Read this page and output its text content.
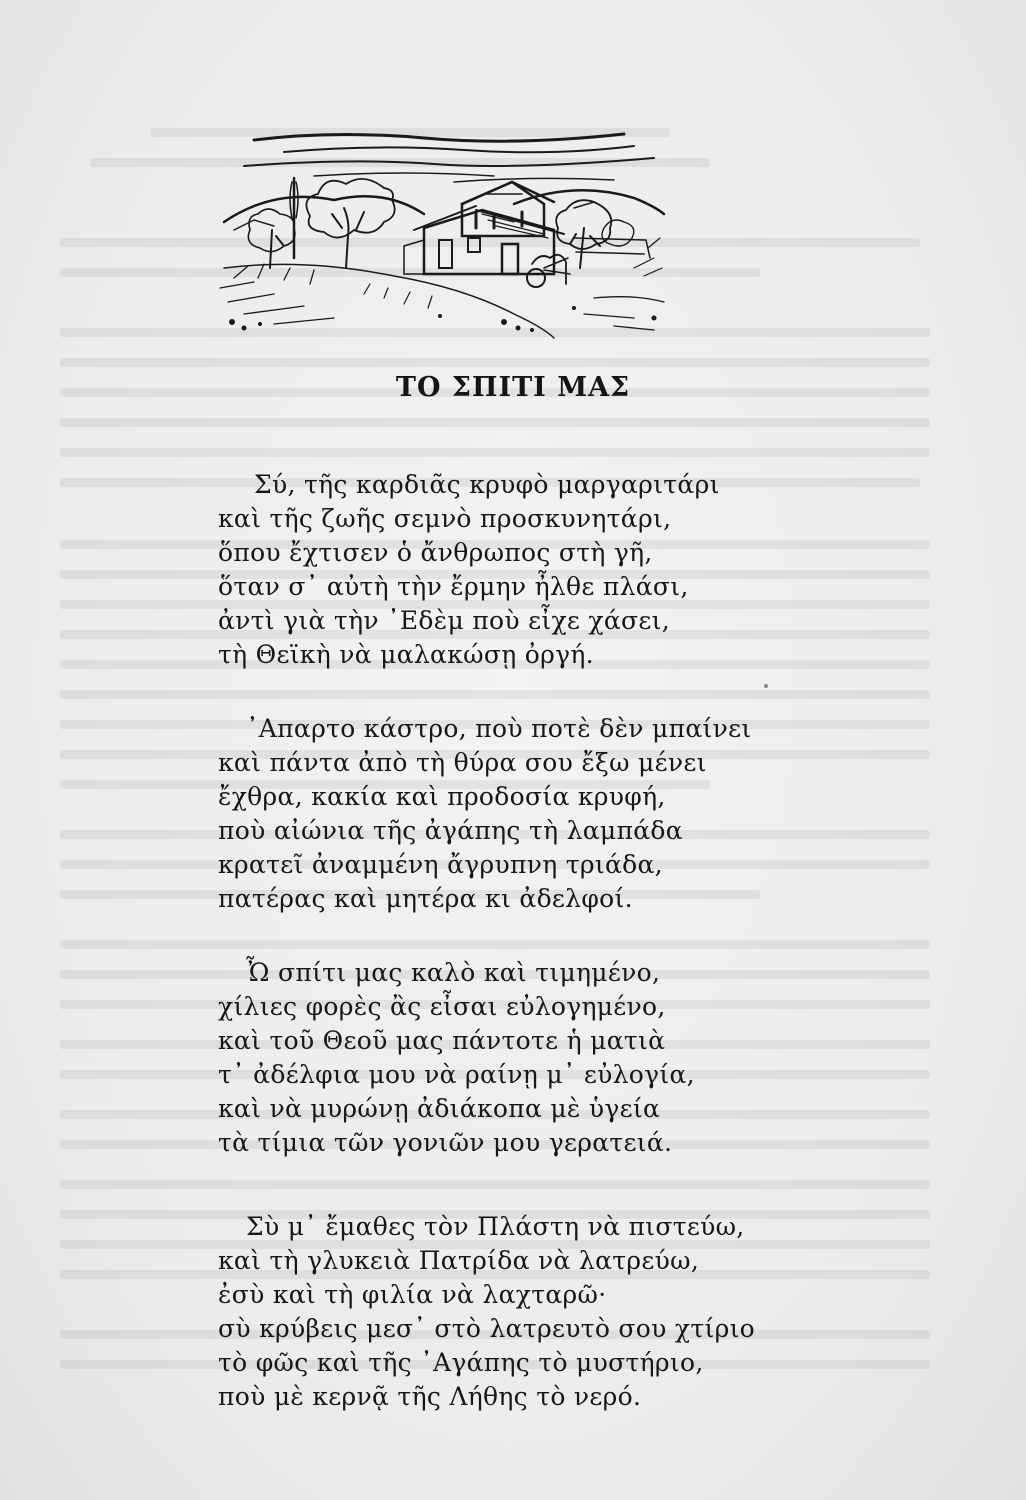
ΤΟ ΣΠΙΤΙ ΜΑΣ
Σύ, τῆς καρδιᾶς κρυφὸ μαργαριτάρι
καὶ τῆς ζωῆς σεμνὸ προσκυνητάρι,
ὅπου ἔχτισεν ὁ ἄνθρωπος στὴ γῆ,
ὅταν σ᾽ αὐτὴ τὴν ἔρμην ἦλθε πλάσι,
ἀντὶ γιὰ τὴν ᾽Εδὲμ ποὺ εἶχε χάσει,
τὴ Θεϊκὴ νὰ μαλακώσῃ ὀργή.
᾽Απαρτο κάστρο, ποὺ ποτὲ δὲν μπαίνει
καὶ πάντα ἀπὸ τὴ θύρα σου ἔξω μένει
ἔχθρα, κακία καὶ προδοσία κρυφή,
ποὺ αἰώνια τῆς ἀγάπης τὴ λαμπάδα
κρατεῖ ἀναμμένη ἄγρυπνη τριάδα,
πατέρας καὶ μητέρα κι ἀδελφοί.
Ὦ σπίτι μας καλὸ καὶ τιμημένο,
χίλιες φορὲς ἂς εἶσαι εὐλογημένο,
καὶ τοῦ Θεοῦ μας πάντοτε ἡ ματιὰ
τ᾽ ἀδέλφια μου νὰ ραίνῃ μ᾽ εὐλογία,
καὶ νὰ μυρώνῃ ἀδιάκοπα μὲ ὑγεία
τὰ τίμια τῶν γονιῶν μου γερατειά.
Σὺ μ᾽ ἔμαθες τὸν Πλάστη νὰ πιστεύω,
καὶ τὴ γλυκειὰ Πατρίδα νὰ λατρεύω,
ἐσὺ καὶ τὴ φιλία νὰ λαχταρῶ·
σὺ κρύβεις μεσ᾽ στὸ λατρευτὸ σου χτίριο
τὸ φῶς καὶ τῆς ᾽Αγάπης τὸ μυστήριο,
ποὺ μὲ κερνᾷ τῆς Λήθης τὸ νερό.
